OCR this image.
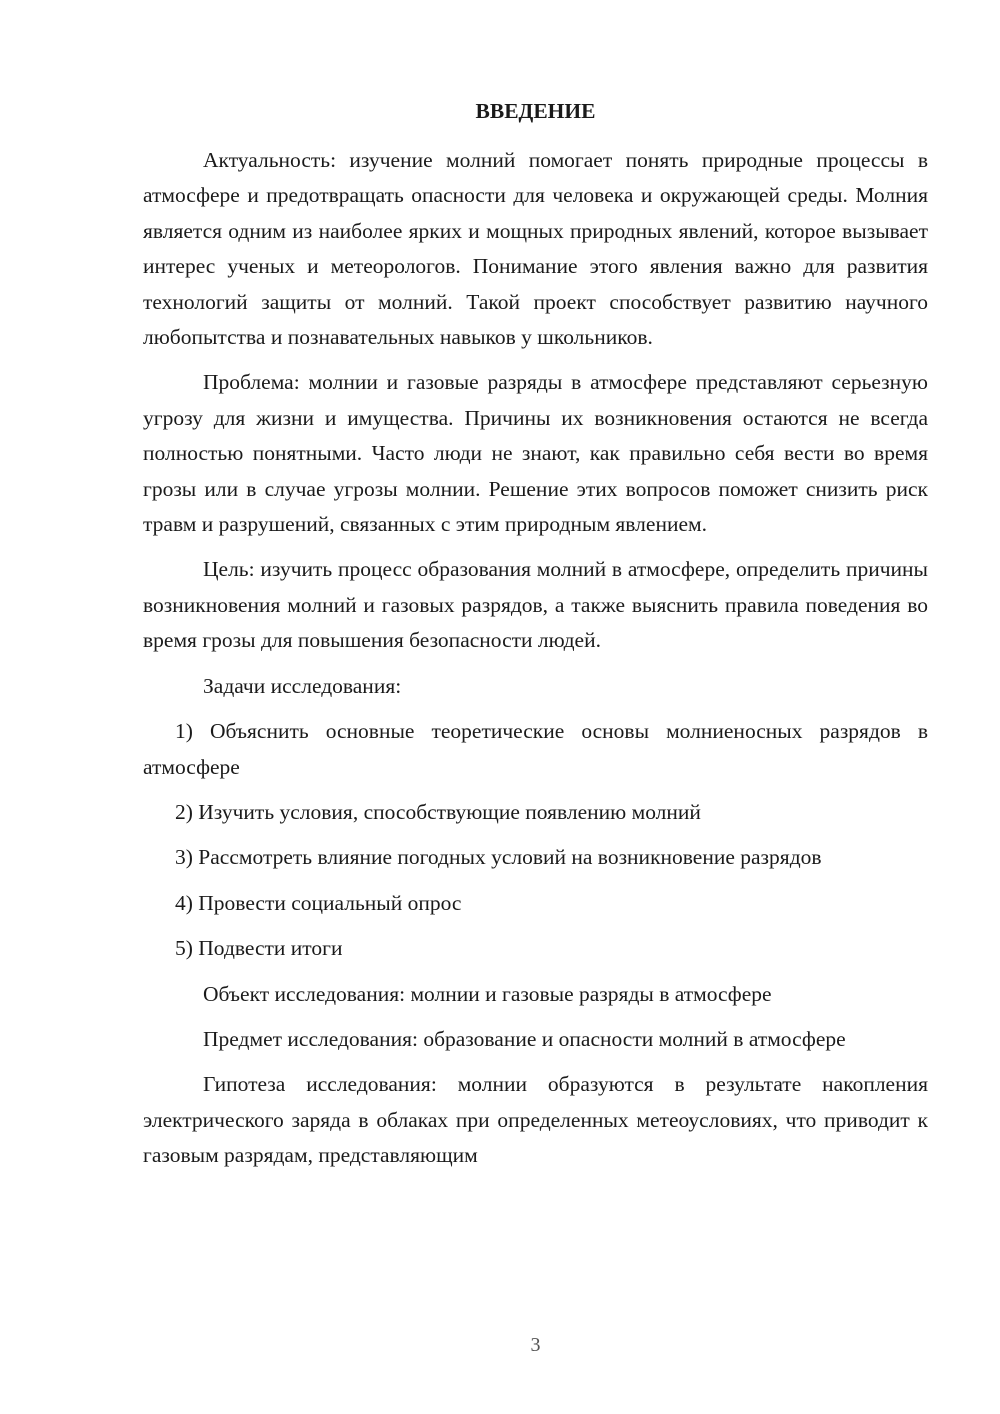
ВВЕДЕНИЕ

Актуальность: изучение молний помогает понять природные процессы в атмосфере и предотвращать опасности для человека и окружающей среды. Молния является одним из наиболее ярких и мощных природных явлений, которое вызывает интерес ученых и метеорологов. Понимание этого явления важно для развития технологий защиты от молний. Такой проект способствует развитию научного любопытства и познавательных навыков у школьников.

Проблема: молнии и газовые разряды в атмосфере представляют серьезную угрозу для жизни и имущества. Причины их возникновения остаются не всегда полностью понятными. Часто люди не знают, как правильно себя вести во время грозы или в случае угрозы молнии. Решение этих вопросов поможет снизить риск травм и разрушений, связанных с этим природным явлением.

Цель: изучить процесс образования молний в атмосфере, определить причины возникновения молний и газовых разрядов, а также выяснить правила поведения во время грозы для повышения безопасности людей.

Задачи исследования:

1) Объяснить основные теоретические основы молниеносных разрядов в атмосфере

2) Изучить условия, способствующие появлению молний

3) Рассмотреть влияние погодных условий на возникновение разрядов

4) Провести социальный опрос

5) Подвести итоги

Объект исследования: молнии и газовые разряды в атмосфере

Предмет исследования: образование и опасности молний в атмосфере

Гипотеза исследования: молнии образуются в результате накопления электрического заряда в облаках при определенных метеоусловиях, что приводит к газовым разрядам, представляющим

3
